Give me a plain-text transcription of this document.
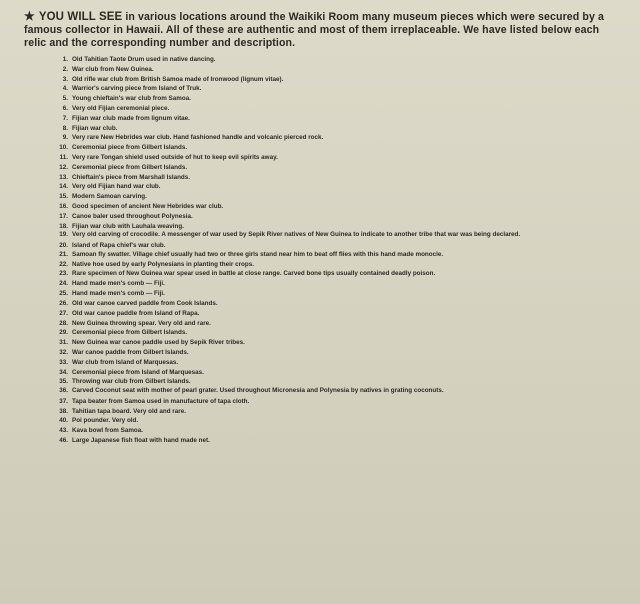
★ YOU WILL SEE in various locations around the Waikiki Room many museum pieces which were secured by a famous collector in Hawaii. All of these are authentic and most of them irreplaceable. We have listed below each relic and the corresponding number and description.

1. Old Tahitian Taote Drum used in native dancing.
2. War club from New Guinea.
3. Old rifle war club from British Samoa made of Ironwood (lignum vitae).
4. Warrior's carving piece from Island of Truk.
5. Young chieftain's war club from Samoa.
6. Very old Fijian ceremonial piece.
7. Fijian war club made from lignum vitae.
8. Fijian war club.
9. Very rare New Hebrides war club. Hand fashioned handle and volcanic pierced rock.
10. Ceremonial piece from Gilbert Islands.
11. Very rare Tongan shield used outside of hut to keep evil spirits away.
12. Ceremonial piece from Gilbert Islands.
13. Chieftain's piece from Marshall Islands.
14. Very old Fijian hand war club.
15. Modern Samoan carving.
16. Good specimen of ancient New Hebrides war club.
17. Canoe baler used throughout Polynesia.
18. Fijian war club with Lauhala weaving.
19. Very old carving of crocodile. A messenger of war used by Sepik River natives of New Guinea to indicate to another tribe that war was being declared.
20. Island of Rapa chief's war club.
21. Samoan fly swatter. Village chief usually had two or three girls stand near him to beat off flies with this hand made monocle.
22. Native hoe used by early Polynesians in planting their crops.
23. Rare specimen of New Guinea war spear used in battle at close range. Carved bone tips usually contained deadly poison.
24. Hand made men's comb — Fiji.
25. Hand made men's comb — Fiji.
26. Old war canoe carved paddle from Cook Islands.
27. Old war canoe paddle from Island of Rapa.
28. New Guinea throwing spear. Very old and rare.
29. Ceremonial piece from Gilbert Islands.
31. New Guinea war canoe paddle used by Sepik River tribes.
32. War canoe paddle from Gilbert Islands.
33. War club from Island of Marquesas.
34. Ceremonial piece from Island of Marquesas.
35. Throwing war club from Gilbert Islands.
36. Carved Coconut seat with mother of pearl grater. Used throughout Micronesia and Polynesia by natives in grating coconuts.
37. Tapa beater from Samoa used in manufacture of tapa cloth.
38. Tahitian tapa board. Very old and rare.
40. Poi pounder. Very old.
43. Kava bowl from Samoa.
46. Large Japanese fish float with hand made net.
